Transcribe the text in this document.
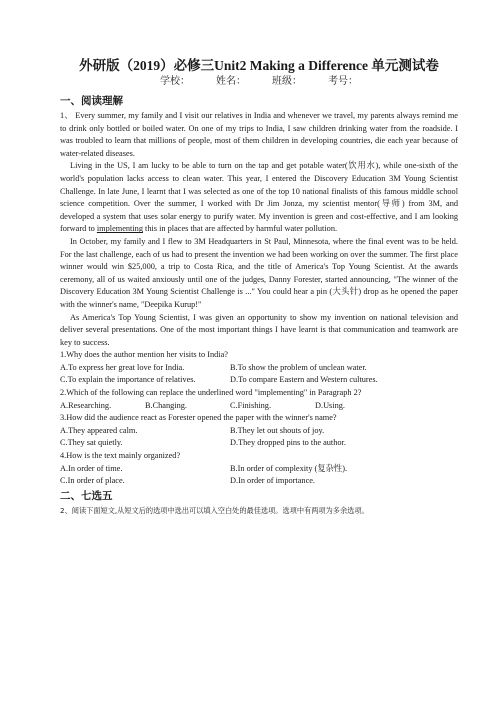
外研版（2019）必修三Unit2 Making a Difference 单元测试卷
学校：	姓名：	班级：	考号：
一、阅读理解

1、 Every summer, my family and I visit our relatives in India and whenever we travel, my parents always remind me to drink only bottled or boiled water. On one of my trips to India, I saw children drinking water from the roadside. I was troubled to learn that millions of people, most of them children in developing countries, die each year because of water-related diseases.

Living in the US, I am lucky to be able to turn on the tap and get potable water(饮用水), while one-sixth of the world's population lacks access to clean water. This year, I entered the Discovery Education 3M Young Scientist Challenge. In late June, I learnt that I was selected as one of the top 10 national finalists of this famous middle school science competition. Over the summer, I worked with Dr Jim Jonza, my scientist mentor(导师) from 3M, and developed a system that uses solar energy to purify water. My invention is green and cost-effective, and I am looking forward to implementing this in places that are affected by harmful water pollution.

In October, my family and I flew to 3M Headquarters in St Paul, Minnesota, where the final event was to be held. For the last challenge, each of us had to present the invention we had been working on over the summer. The first place winner would win $25,000, a trip to Costa Rica, and the title of America's Top Young Scientist. At the awards ceremony, all of us waited anxiously until one of the judges, Danny Forester, started announcing, "The winner of the Discovery Education 3M Young Scientist Challenge is ..." You could hear a pin (大头针) drop as he opened the paper with the winner's name, "Deepika Kurup!"

As America's Top Young Scientist, I was given an opportunity to show my invention on national television and deliver several presentations. One of the most important things I have learnt is that communication and teamwork are key to success.

1.Why does the author mention her visits to India?
A.To express her great love for India.	B.To show the problem of unclean water.
C.To explain the importance of relatives.	D.To compare Eastern and Western cultures.
2.Which of the following can replace the underlined word "implementing" in Paragraph 2?
A.Researching.	B.Changing.	C.Finishing.	D.Using.
3.How did the audience react as Forester opened the paper with the winner's name?
A.They appeared calm.	B.They let out shouts of joy.
C.They sat quietly.	D.They dropped pins to the author.
4.How is the text mainly organized?
A.In order of time.	B.In order of complexity (复杂性).
C.In order of place.	D.In order of importance.
二、七选五

2、阅读下面短文,从短文后的选项中选出可以填入空白处的最佳选项。选项中有两项为多余选项。
